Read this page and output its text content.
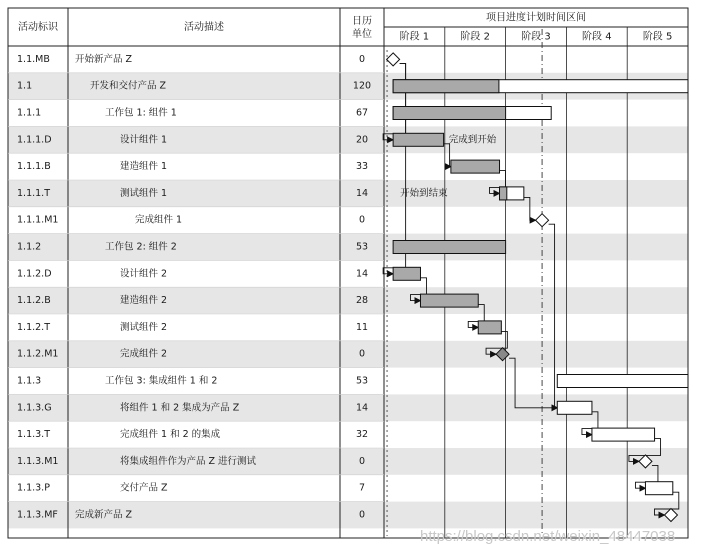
活动标识	活动描述
日历
单位
项目进度计划时间区间
阶段 1	阶段 2	阶段 3	阶段 4	阶段 5
1.1.MB	开始新产品 Z	0
1.1	开发和交付产品 Z	120
1.1.1	工作包 1: 组件 1	67
1.1.1.D	设计组件 1	20
1.1.1.B	建造组件 1	33
1.1.1.T	测试组件 1	14
1.1.1.M1	完成组件 1	0
1.1.2	工作包 2: 组件 2	53
1.1.2.D	设计组件 2	14
1.1.2.B	建造组件 2	28
1.1.2.T	测试组件 2	11
1.1.2.M1	完成组件 2	0
1.1.3	工作包 3: 集成组件 1 和 2	53
1.1.3.G	将组件 1 和 2 集成为产品 Z	14
1.1.3.T	完成组件 1 和 2 的集成	32
1.1.3.M1	将集成组件作为产品 Z 进行测试	0
1.1.3.P	交付产品 Z	7
1.1.3.MF 完成新产品 Z	0
完成到开始
开始到结束
https://blog.csdn.net/weixin_48447038
